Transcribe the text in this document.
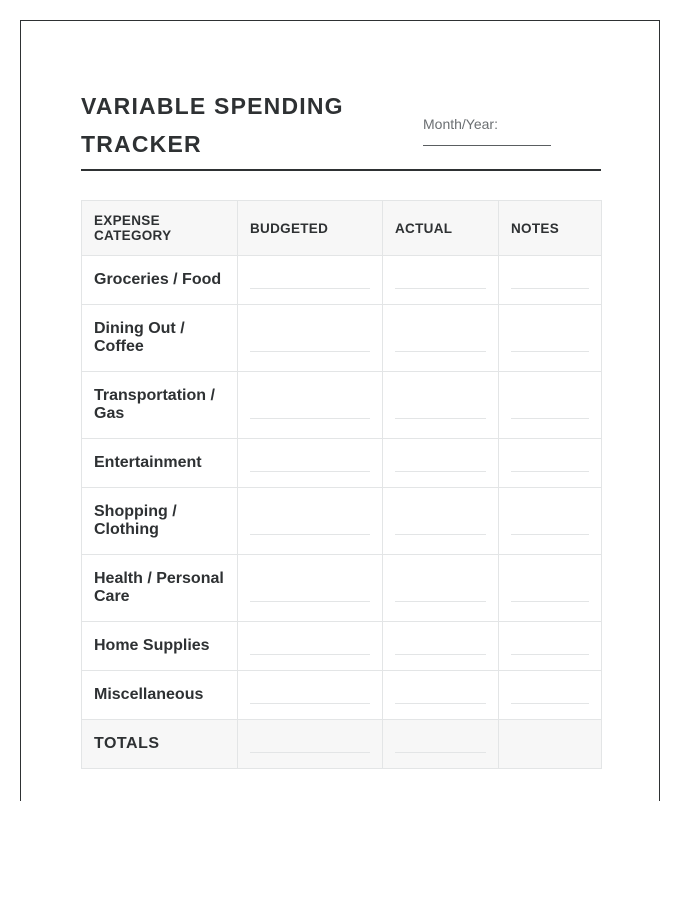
VARIABLE SPENDING TRACKER
Month/Year:
EXPENSE CATEGORY	BUDGETED	ACTUAL	NOTES
Groceries / Food	

Dining Out / Coffee	

Transportation / Gas	

Entertainment	

Shopping / Clothing	

Health / Personal Care	

Home Supplies	

Miscellaneous	

TOTALS	
